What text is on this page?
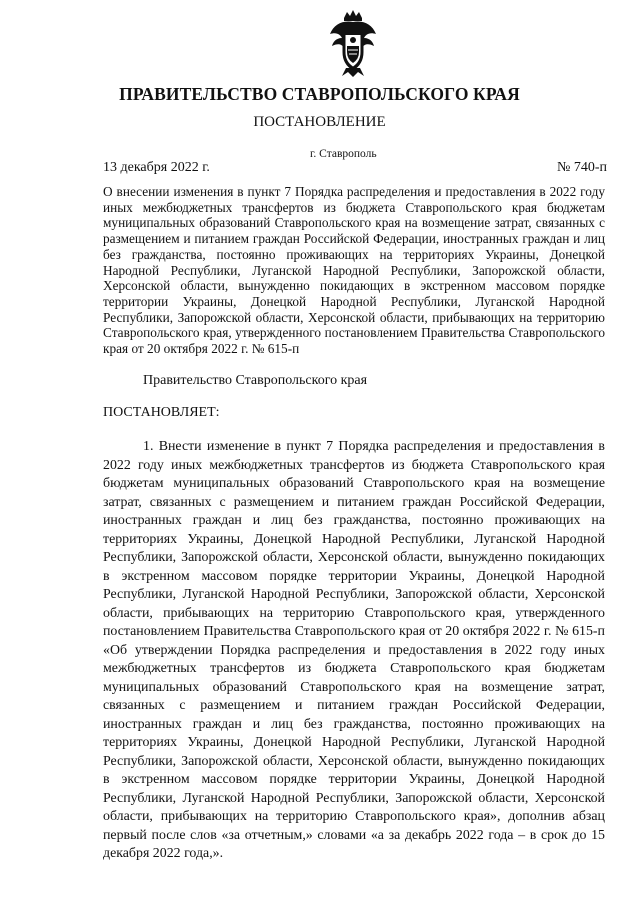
ПРАВИТЕЛЬСТВО СТАВРОПОЛЬСКОГО КРАЯ
ПОСТАНОВЛЕНИЕ
г. Ставрополь
13 декабря 2022 г.	№ 740-п
О внесении изменения в пункт 7 Порядка распределения и предоставления в 2022 году иных межбюджетных трансфертов из бюджета Ставропольского края бюджетам муниципальных образований Ставропольского края на возмещение затрат, связанных с размещением и питанием граждан Российской Федерации, иностранных граждан и лиц без гражданства, постоянно проживающих на территориях Украины, Донецкой Народной Республики, Луганской Народной Республики, Запорожской области, Херсонской области, вынужденно покидающих в экстренном массовом порядке территории Украины, Донецкой Народной Республики, Луганской Народной Республики, Запорожской области, Херсонской области, прибывающих на территорию Ставропольского края, утвержденного постановлением Правительства Ставропольского края от 20 октября 2022 г. № 615-п
Правительство Ставропольского края
ПОСТАНОВЛЯЕТ:

1. Внести изменение в пункт 7 Порядка распределения и предоставления в 2022 году иных межбюджетных трансфертов из бюджета Ставропольского края бюджетам муниципальных образований Ставропольского края на возмещение затрат, связанных с размещением и питанием граждан Российской Федерации, иностранных граждан и лиц без гражданства, постоянно проживающих на территориях Украины, Донецкой Народной Республики, Луганской Народной Республики, Запорожской области, Херсонской области, вынужденно покидающих в экстренном массовом порядке территории Украины, Донецкой Народной Республики, Луганской Народной Республики, Запорожской области, Херсонской области, прибывающих на территорию Ставропольского края, утвержденного постановлением Правительства Ставропольского края от 20 октября 2022 г. № 615-п «Об утверждении Порядка распределения и предоставления в 2022 году иных межбюджетных трансфертов из бюджета Ставропольского края бюджетам муниципальных образований Ставропольского края на возмещение затрат, связанных с размещением и питанием граждан Российской Федерации, иностранных граждан и лиц без гражданства, постоянно проживающих на территориях Украины, Донецкой Народной Республики, Луганской Народной Республики, Запорожской области, Херсонской области, вынужденно покидающих в экстренном массовом порядке территории Украины, Донецкой Народной Республики, Луганской Народной Республики, Запорожской области, Херсонской области, прибывающих на территорию Ставропольского края», дополнив абзац первый после слов «за отчетным,» словами «а за декабрь 2022 года – в срок до 15 декабря 2022 года,».
